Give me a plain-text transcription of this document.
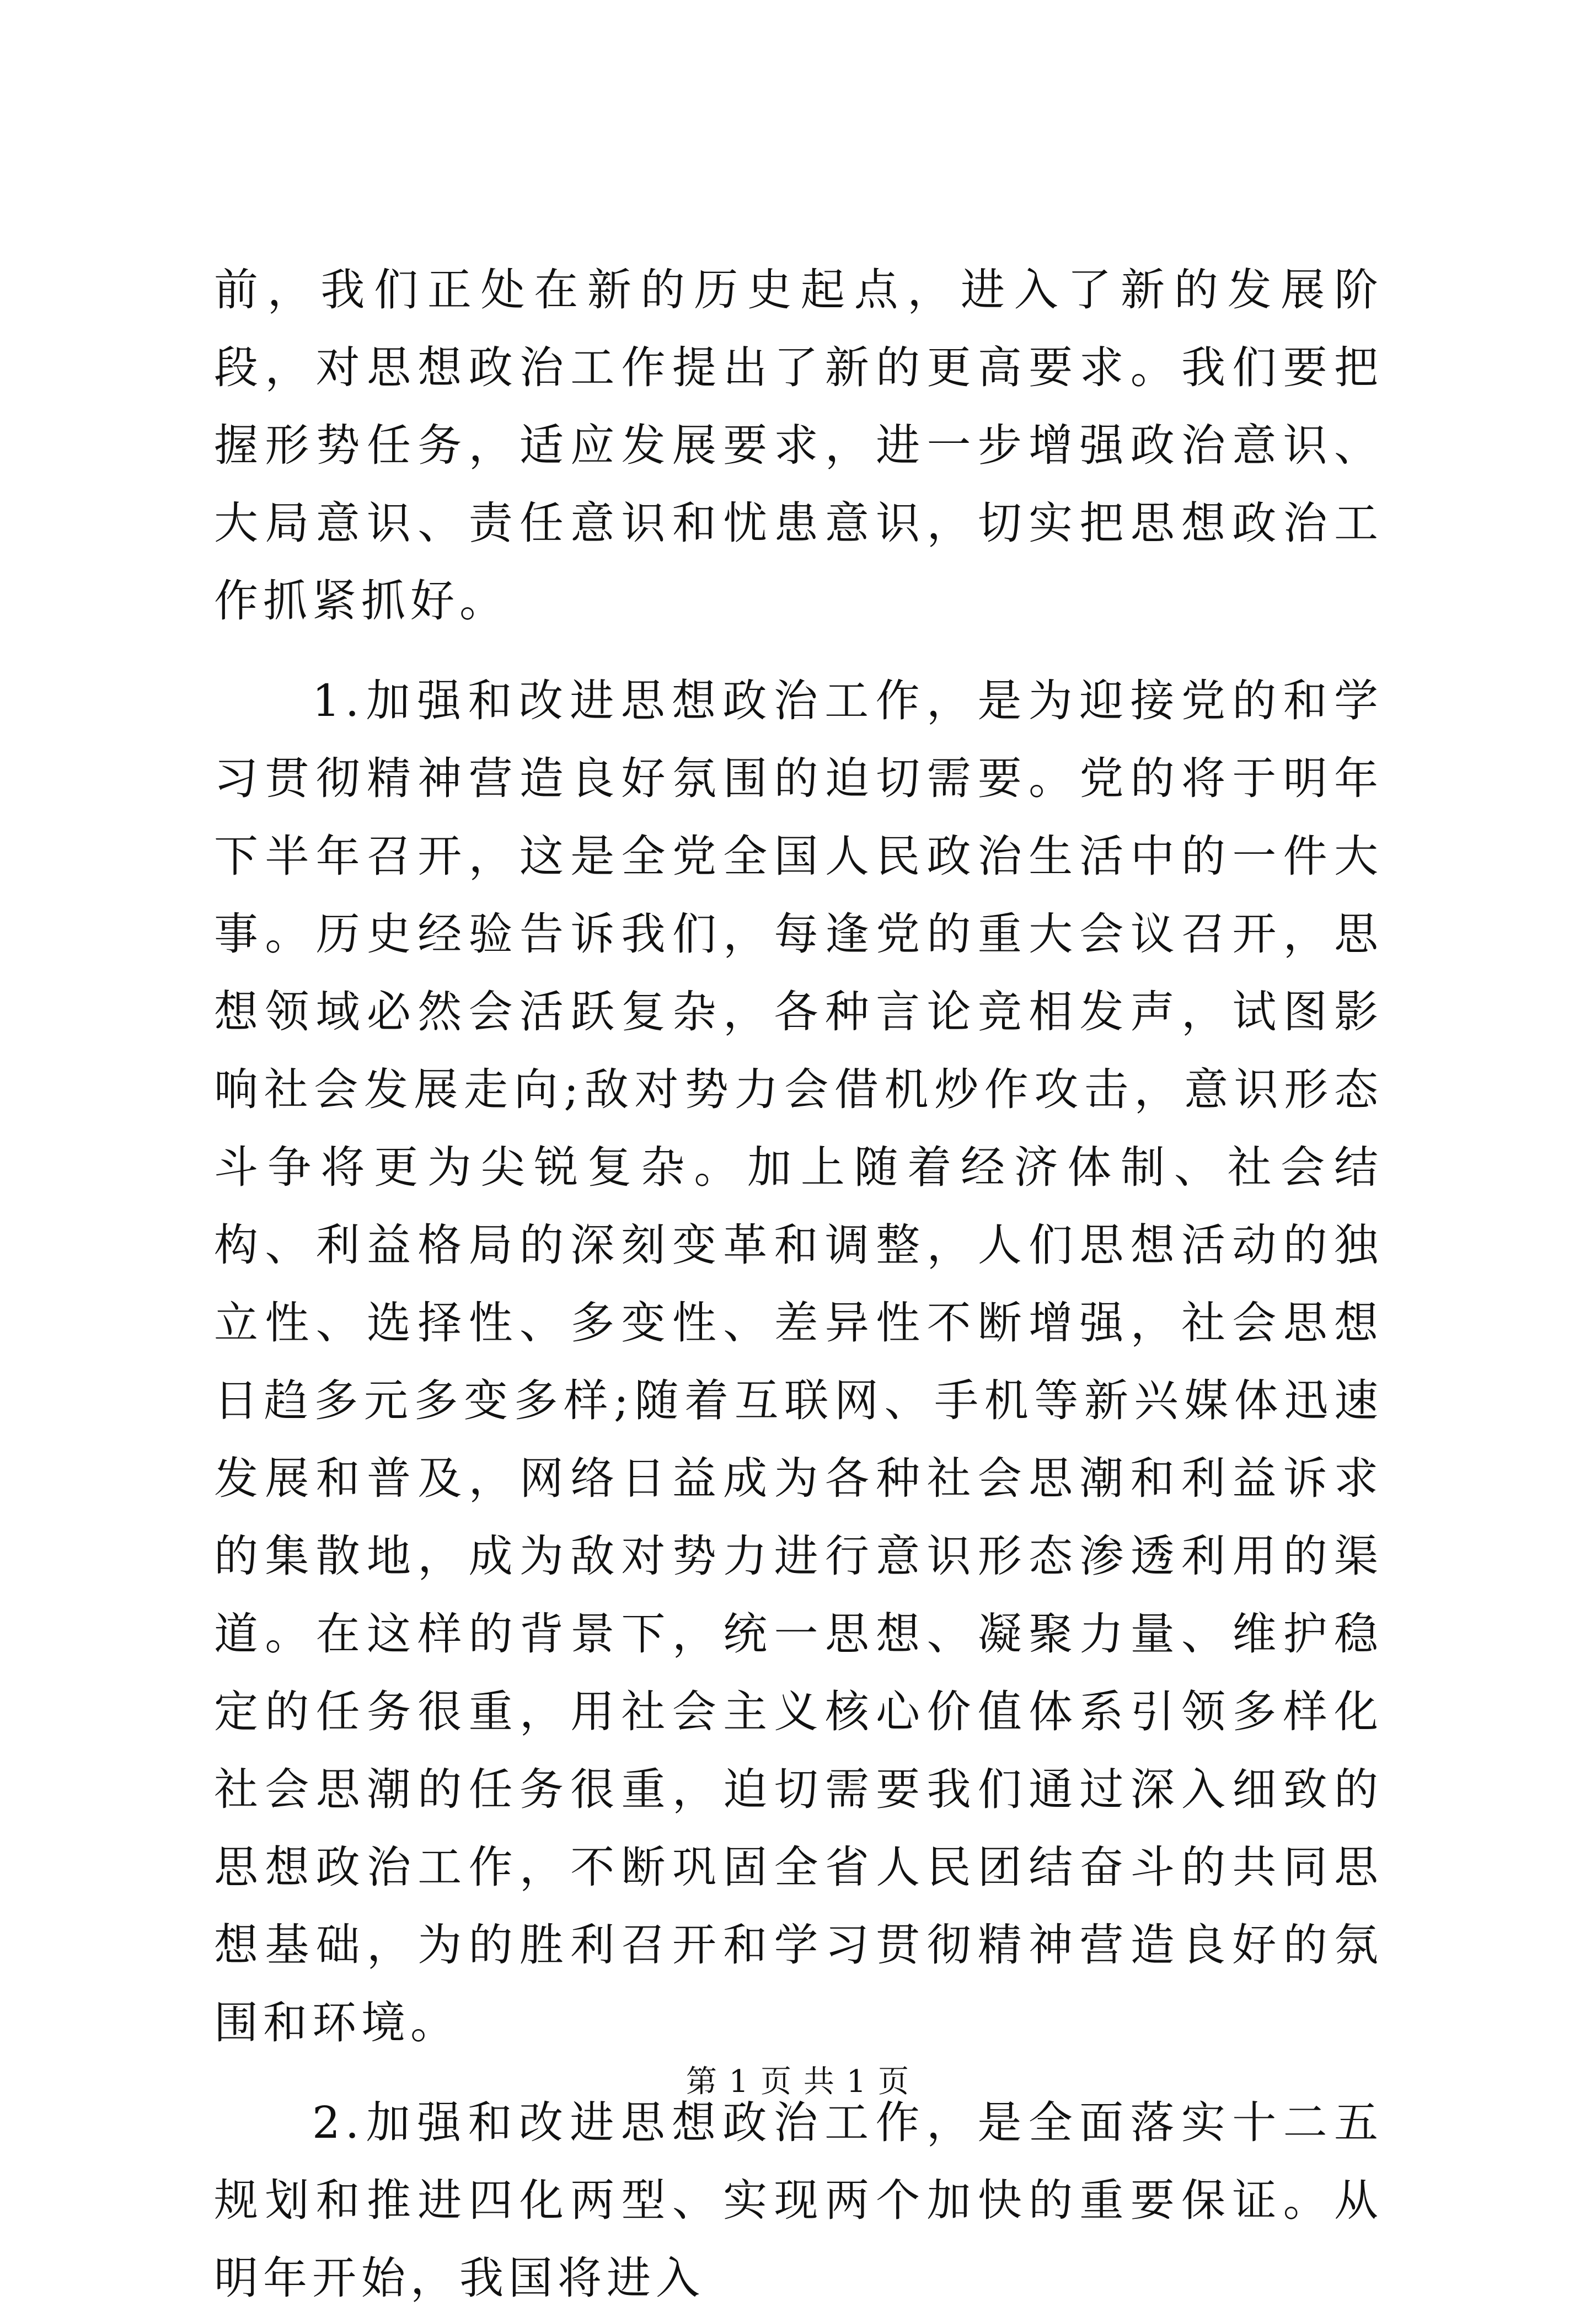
前，我们正处在新的历史起点，进入了新的发展阶段，对思想政治工作提出了新的更高要求。我们要把握形势任务，适应发展要求，进一步增强政治意识、大局意识、责任意识和忧患意识，切实把思想政治工作抓紧抓好。

1.加强和改进思想政治工作，是为迎接党的和学习贯彻精神营造良好氛围的迫切需要。党的将于明年下半年召开，这是全党全国人民政治生活中的一件大事。历史经验告诉我们，每逢党的重大会议召开，思想领域必然会活跃复杂，各种言论竞相发声，试图影响社会发展走向;敌对势力会借机炒作攻击，意识形态斗争将更为尖锐复杂。加上随着经济体制、社会结构、利益格局的深刻变革和调整，人们思想活动的独立性、选择性、多变性、差异性不断增强，社会思想日趋多元多变多样;随着互联网、手机等新兴媒体迅速发展和普及，网络日益成为各种社会思潮和利益诉求的集散地，成为敌对势力进行意识形态渗透利用的渠道。在这样的背景下，统一思想、凝聚力量、维护稳定的任务很重，用社会主义核心价值体系引领多样化社会思潮的任务很重，迫切需要我们通过深入细致的思想政治工作，不断巩固全省人民团结奋斗的共同思想基础，为的胜利召开和学习贯彻精神营造良好的氛围和环境。

2.加强和改进思想政治工作，是全面落实十二五规划和推进四化两型、实现两个加快的重要保证。从明年开始，我国将进入

第 1 页 共 1 页
